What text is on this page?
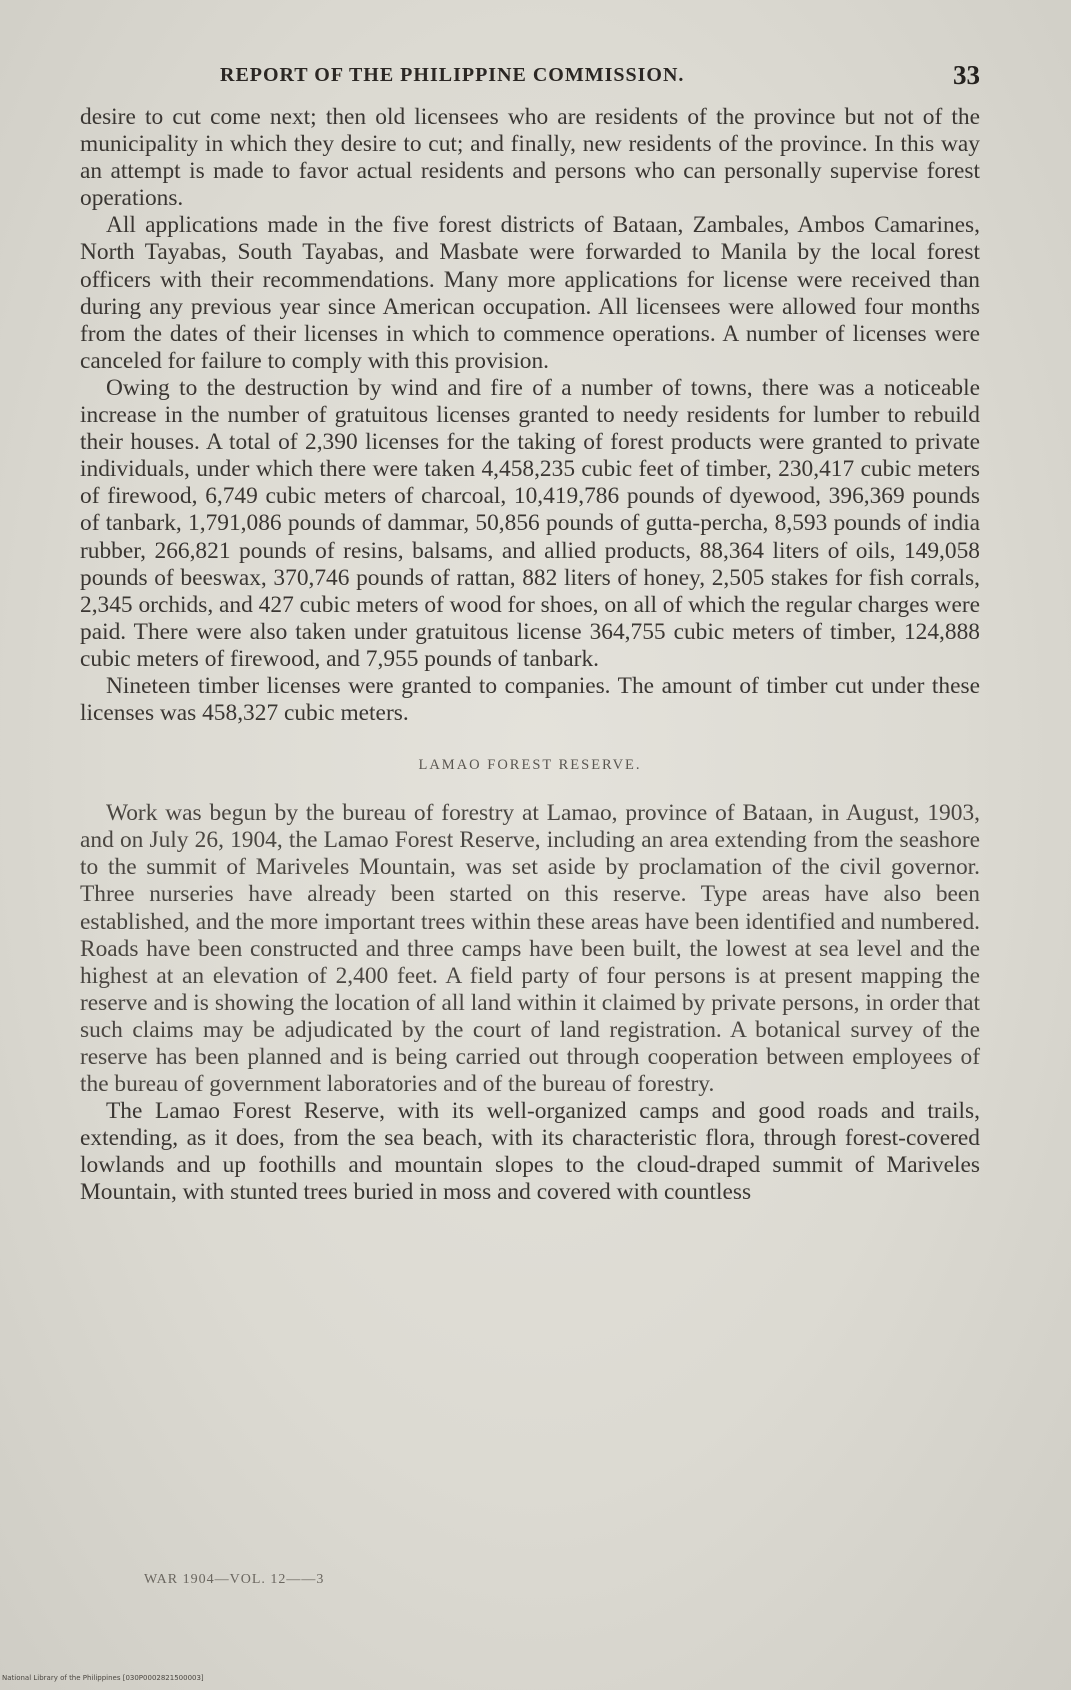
REPORT OF THE PHILIPPINE COMMISSION.	33

desire to cut come next; then old licensees who are residents of the province but not of the municipality in which they desire to cut; and finally, new residents of the province. In this way an attempt is made to favor actual residents and persons who can personally supervise forest operations.

All applications made in the five forest districts of Bataan, Zambales, Ambos Camarines, North Tayabas, South Tayabas, and Masbate were forwarded to Manila by the local forest officers with their recommendations. Many more applications for license were received than during any previous year since American occupation. All licensees were allowed four months from the dates of their licenses in which to commence operations. A number of licenses were canceled for failure to comply with this provision.

Owing to the destruction by wind and fire of a number of towns, there was a noticeable increase in the number of gratuitous licenses granted to needy residents for lumber to rebuild their houses. A total of 2,390 licenses for the taking of forest products were granted to private individuals, under which there were taken 4,458,235 cubic feet of timber, 230,417 cubic meters of firewood, 6,749 cubic meters of charcoal, 10,419,786 pounds of dyewood, 396,369 pounds of tanbark, 1,791,086 pounds of dammar, 50,856 pounds of gutta-percha, 8,593 pounds of india rubber, 266,821 pounds of resins, balsams, and allied products, 88,364 liters of oils, 149,058 pounds of beeswax, 370,746 pounds of rattan, 882 liters of honey, 2,505 stakes for fish corrals, 2,345 orchids, and 427 cubic meters of wood for shoes, on all of which the regular charges were paid. There were also taken under gratuitous license 364,755 cubic meters of timber, 124,888 cubic meters of firewood, and 7,955 pounds of tanbark.

Nineteen timber licenses were granted to companies. The amount of timber cut under these licenses was 458,327 cubic meters.

LAMAO FOREST RESERVE.

Work was begun by the bureau of forestry at Lamao, province of Bataan, in August, 1903, and on July 26, 1904, the Lamao Forest Reserve, including an area extending from the seashore to the summit of Mariveles Mountain, was set aside by proclamation of the civil governor. Three nurseries have already been started on this reserve. Type areas have also been established, and the more important trees within these areas have been identified and numbered. Roads have been constructed and three camps have been built, the lowest at sea level and the highest at an elevation of 2,400 feet. A field party of four persons is at present mapping the reserve and is showing the location of all land within it claimed by private persons, in order that such claims may be adjudicated by the court of land registration. A botanical survey of the reserve has been planned and is being carried out through cooperation between employees of the bureau of government laboratories and of the bureau of forestry.

The Lamao Forest Reserve, with its well-organized camps and good roads and trails, extending, as it does, from the sea beach, with its characteristic flora, through forest-covered lowlands and up foothills and mountain slopes to the cloud-draped summit of Mariveles Mountain, with stunted trees buried in moss and covered with countless

WAR 1904—VOL. 12——3
National Library of the Philippines [030P0002821500003]
